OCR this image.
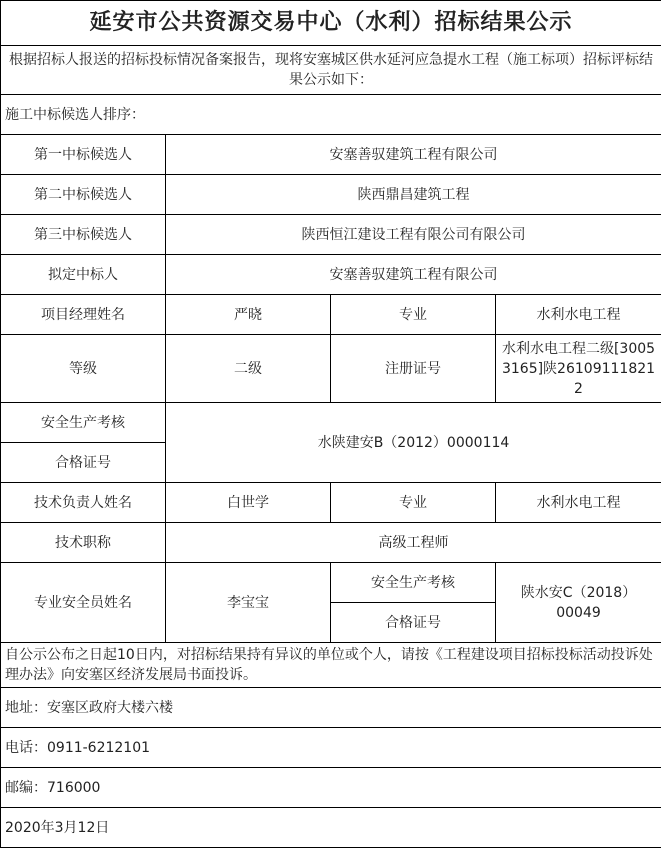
延安市公共资源交易中心（水利）招标结果公示			
根据招标人报送的招标投标情况备案报告，现将安塞城区供水延河应急提水工程（施工标项）招标评标结果公示如下：			
施工中标候选人排序：			
第一中标候选人	安塞善驭建筑工程有限公司		
第二中标候选人	陕西鼎昌建筑工程		
第三中标候选人	陕西恒江建设工程有限公司有限公司		
拟定中标人	安塞善驭建筑工程有限公司		
项目经理姓名	严晓	专业	水利水电工程
等级	二级	注册证号	水利水电工程二级[30053165]陕261091118212
安全生产考核	水陕建安B（2012）0000114		
合格证号			
技术负责人姓名	白世学	专业	水利水电工程
技术职称	高级工程师		
专业安全员姓名	李宝宝	安全生产考核	陕水安C（2018）00049
		合格证号	
自公示公布之日起10日内，对招标结果持有异议的单位或个人，请按《工程建设项目招标投标活动投诉处理办法》向安塞区经济发展局书面投诉。			
地址：安塞区政府大楼六楼			
电话：0911-6212101			
邮编：716000			
2020年3月12日			
